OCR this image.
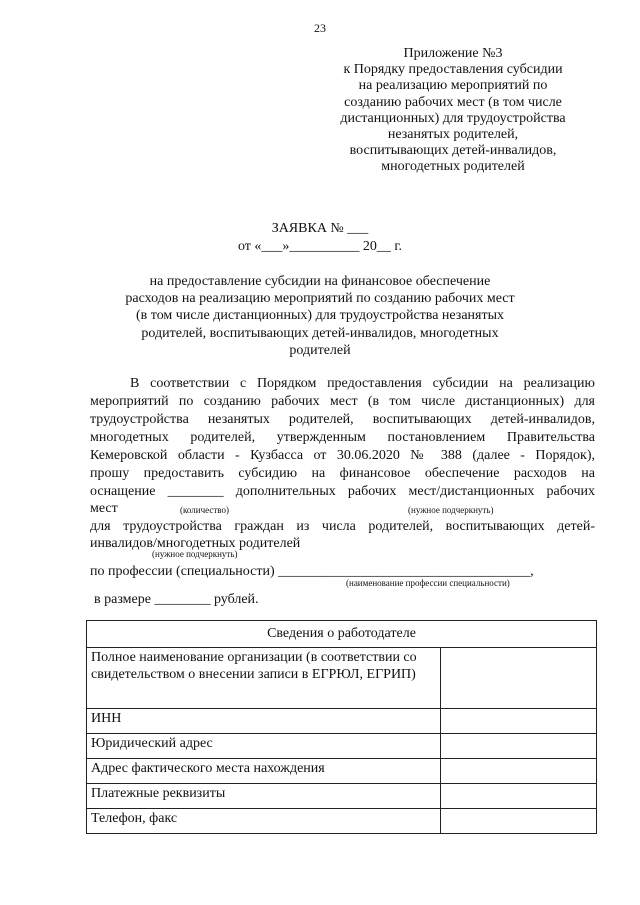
23
Приложение №3
к Порядку предоставления субсидии
на реализацию мероприятий по
созданию рабочих мест (в том числе
дистанционных) для трудоустройства
незанятых родителей,
воспитывающих детей-инвалидов,
многодетных родителей
ЗАЯВКА № ___
от «___»__________ 20__ г.
на предоставление субсидии на финансовое обеспечение
расходов на реализацию мероприятий по созданию рабочих мест
(в том числе дистанционных) для трудоустройства незанятых
родителей, воспитывающих детей-инвалидов, многодетных
родителей
В соответствии с Порядком предоставления субсидии на реализацию
мероприятий по созданию рабочих мест (в том числе дистанционных) для
трудоустройства незанятых родителей, воспитывающих детей-инвалидов,
многодетных родителей, утвержденным постановлением Правительства
Кемеровской области - Кузбасса от 30.06.2020 № 388 (далее - Порядок),
прошу предоставить субсидию на финансовое обеспечение расходов на
оснащение ________ дополнительных рабочих мест/дистанционных рабочих
мест	(количество)	(нужное подчеркнуть)
для трудоустройства граждан из числа родителей, воспитывающих детей-
инвалидов/многодетных родителей
(нужное подчеркнуть)
по профессии (специальности) ____________________________________,
(наименование профессии специальности)
в размере ________ рублей.
Сведения о работодателе	
Полное наименование организации (в соответствии со свидетельством о внесении записи в ЕГРЮЛ, ЕГРИП)	
ИНН	
Юридический адрес	
Адрес фактического места нахождения	
Платежные реквизиты	
Телефон, факс	
